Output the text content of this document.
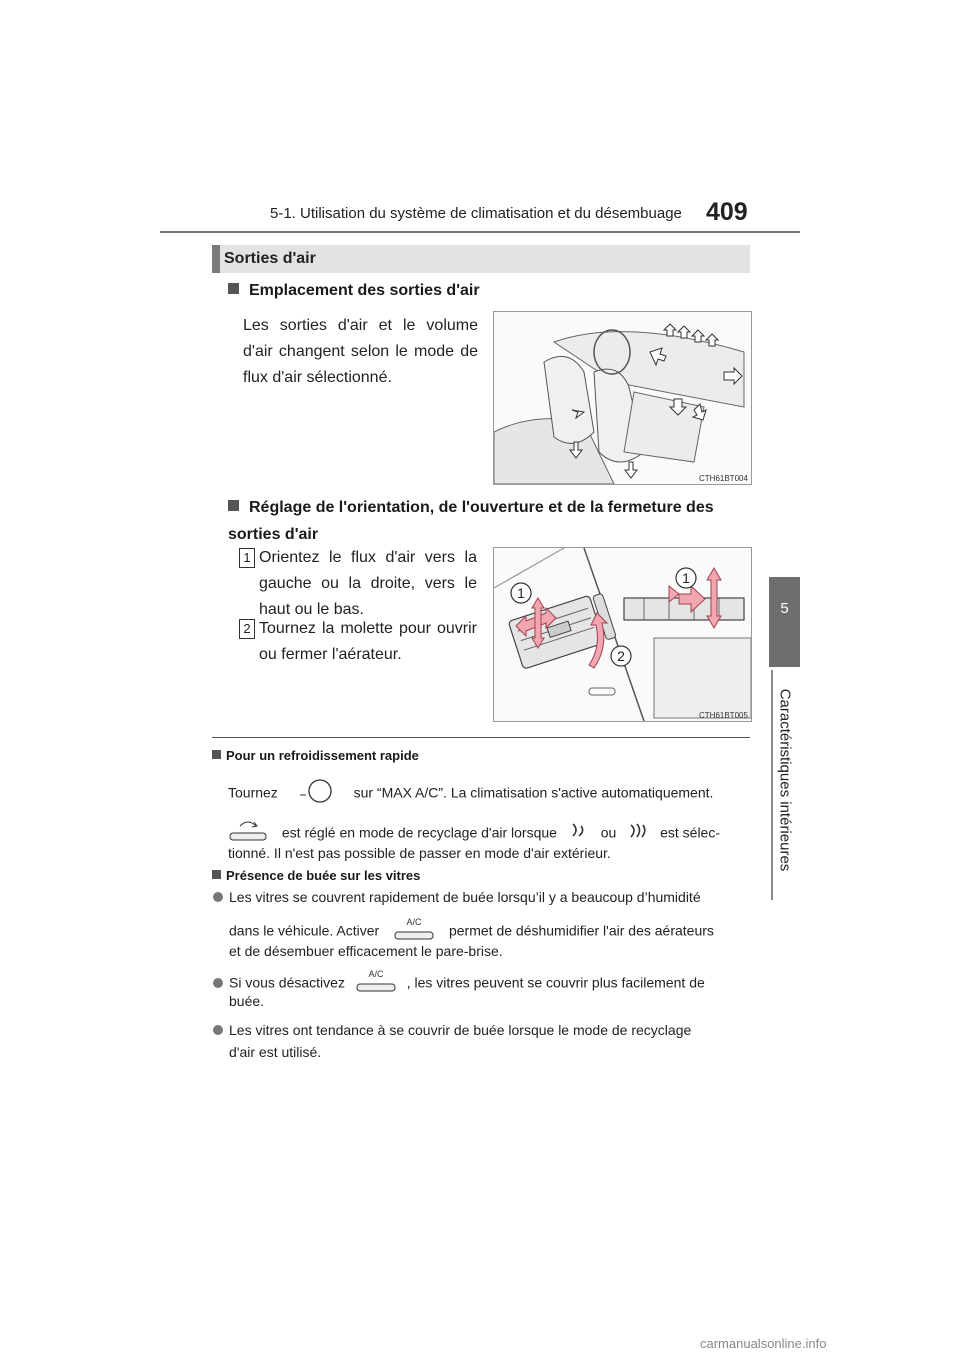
5-1. Utilisation du système de climatisation et du désembuage 409
5
Caractéristiques intérieures
Sorties d'air
Emplacement des sorties d'air
Les sorties d'air et le volume d'air changent selon le mode de flux d'air sélectionné.
CTH61BT004
Réglage de l'orientation, de l'ouverture et de la fermeture des sorties d'air
1 Orientez le flux d'air vers la gauche ou la droite, vers le haut ou le bas.
2 Tournez la molette pour ouvrir ou fermer l'aérateur.
1
1
2
CTH61BT005
Pour un refroidissement rapide
Tournez	sur “MAX A/C”. La climatisation s'active automatiquement.
est réglé en mode de recyclage d'air lorsque	ou	est sélec-
tionné. Il n'est pas possible de passer en mode d'air extérieur.
Présence de buée sur les vitres
Les vitres se couvrent rapidement de buée lorsqu’il y a beaucoup d’humidité
dans le véhicule. Activer
A/C
permet de déshumidifier l'air des aérateurs
et de désembuer efficacement le pare-brise.
Si vous désactivez
A/C
, les vitres peuvent se couvrir plus facilement de
buée.
Les vitres ont tendance à se couvrir de buée lorsque le mode de recyclage
d'air est utilisé.
carmanualsonline.info
